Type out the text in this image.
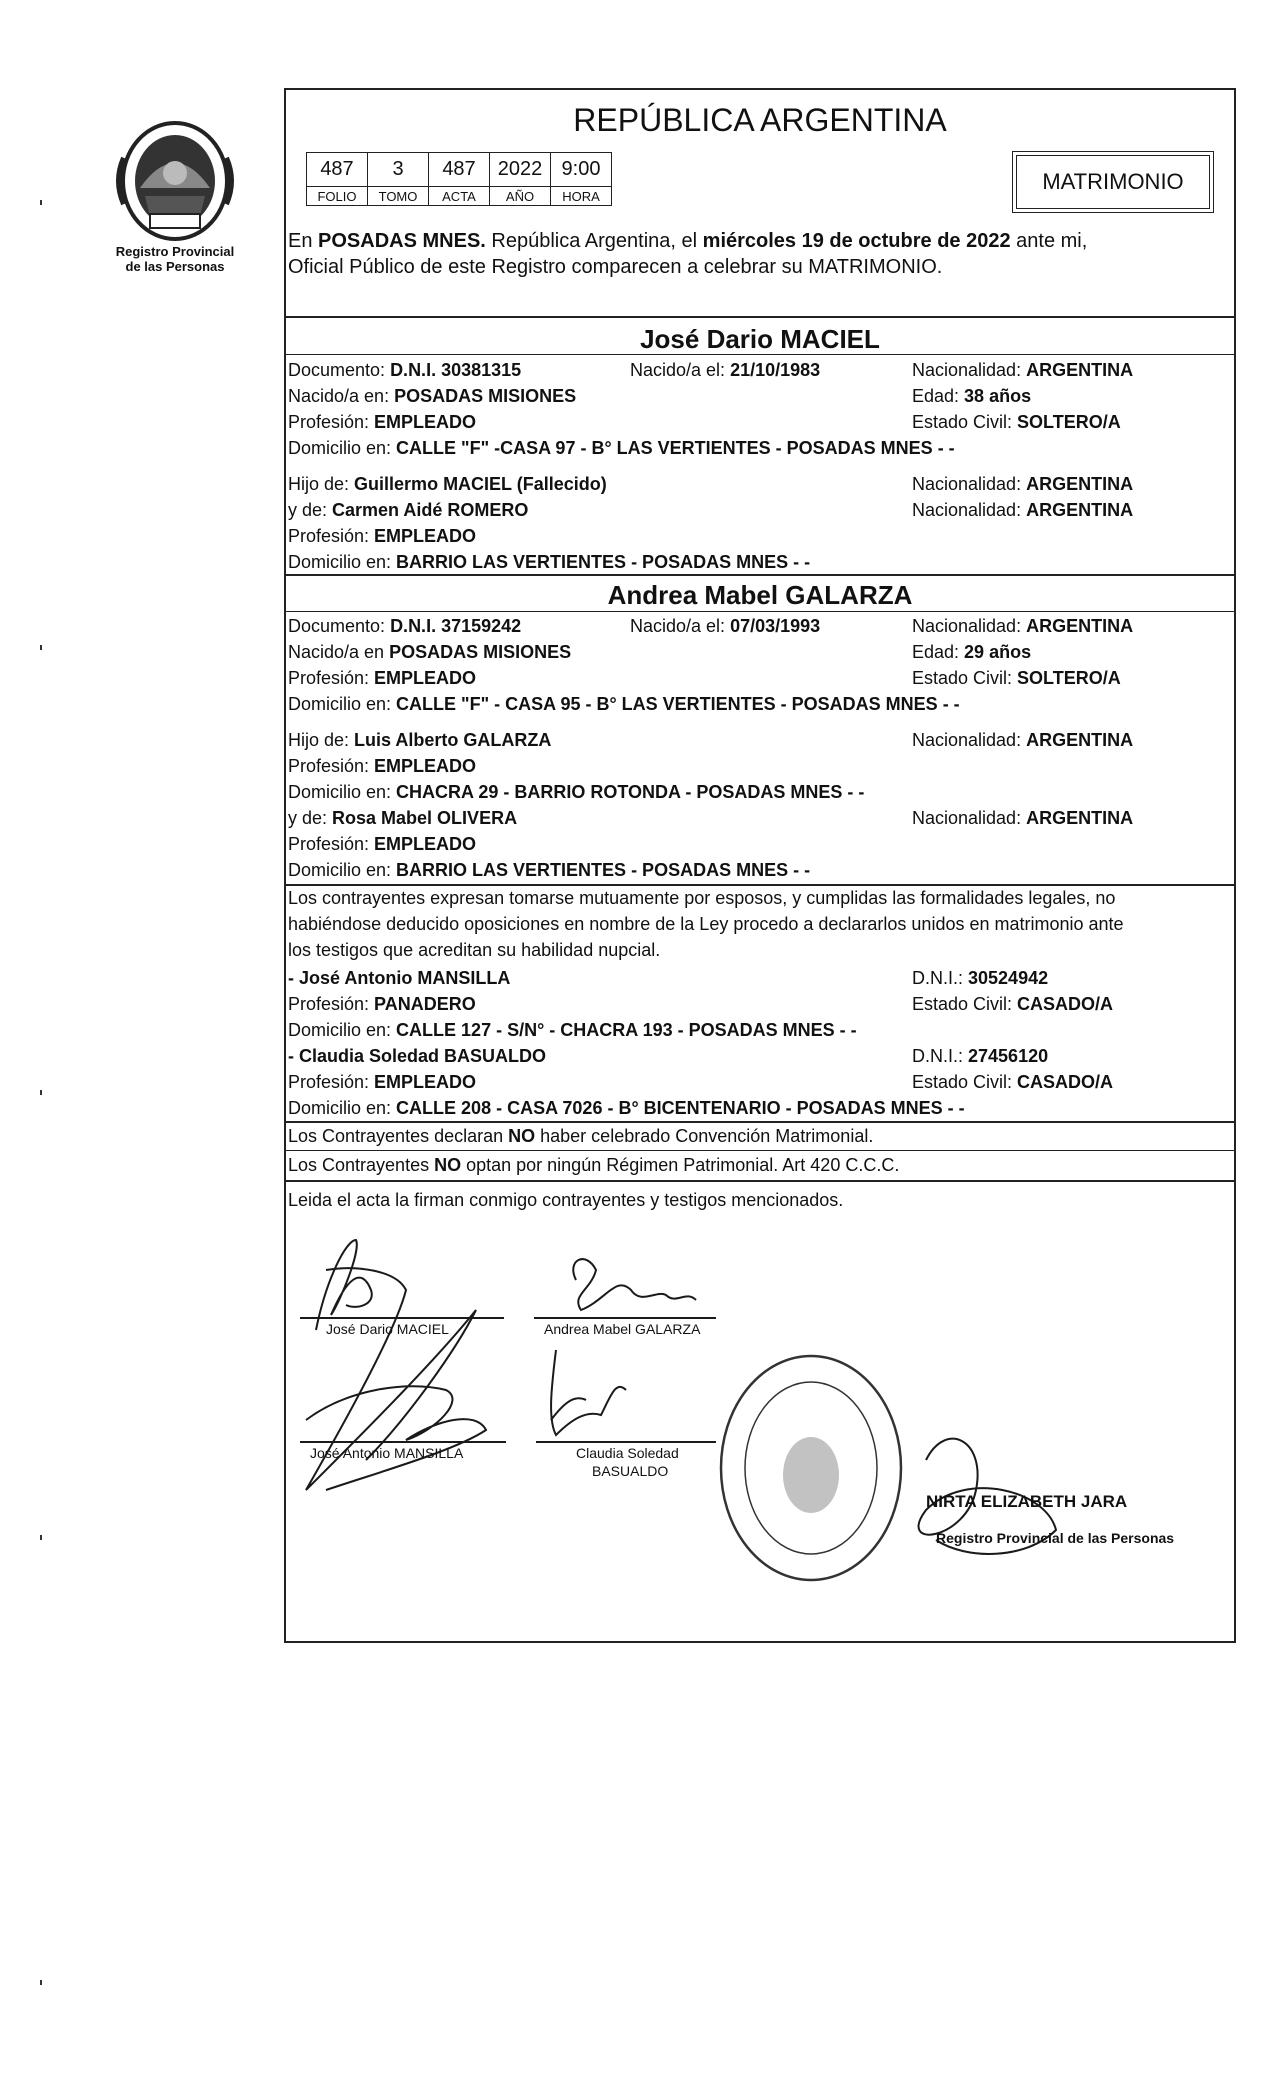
Registro Provincial
de las Personas
REPÚBLICA ARGENTINA
487	3	487	2022	9:00
FOLIO	TOMO	ACTA	AÑO	HORA
MATRIMONIO
En POSADAS MNES. República Argentina, el miércoles 19 de octubre de 2022 ante mi,
Oficial Público de este Registro comparecen a celebrar su MATRIMONIO.
José Dario MACIEL
Documento: D.N.I. 30381315	Nacido/a el: 21/10/1983	Nacionalidad: ARGENTINA
Nacido/a en: POSADAS MISIONES	Edad: 38 años
Profesión: EMPLEADO	Estado Civil: SOLTERO/A
Domicilio en: CALLE "F" -CASA 97 - B° LAS VERTIENTES - POSADAS MNES - -
Hijo de: Guillermo MACIEL (Fallecido)	Nacionalidad: ARGENTINA
y de: Carmen Aidé ROMERO	Nacionalidad: ARGENTINA
Profesión: EMPLEADO
Domicilio en: BARRIO LAS VERTIENTES - POSADAS MNES - -
Andrea Mabel GALARZA
Documento: D.N.I. 37159242	Nacido/a el: 07/03/1993	Nacionalidad: ARGENTINA
Nacido/a en POSADAS MISIONES	Edad: 29 años
Profesión: EMPLEADO	Estado Civil: SOLTERO/A
Domicilio en: CALLE "F" - CASA 95 - B° LAS VERTIENTES - POSADAS MNES - -
Hijo de: Luis Alberto GALARZA	Nacionalidad: ARGENTINA
Profesión: EMPLEADO
Domicilio en: CHACRA 29 - BARRIO ROTONDA - POSADAS MNES - -
y de: Rosa Mabel OLIVERA	Nacionalidad: ARGENTINA
Profesión: EMPLEADO
Domicilio en: BARRIO LAS VERTIENTES - POSADAS MNES - -
Los contrayentes expresan tomarse mutuamente por esposos, y cumplidas las formalidades legales, no
habiéndose deducido oposiciones en nombre de la Ley procedo a declararlos unidos en matrimonio ante
los testigos que acreditan su habilidad nupcial.
- José Antonio MANSILLA	D.N.I.: 30524942
Profesión: PANADERO	Estado Civil: CASADO/A
Domicilio en: CALLE 127 - S/N° - CHACRA 193 - POSADAS MNES - -
- Claudia Soledad BASUALDO	D.N.I.: 27456120
Profesión: EMPLEADO	Estado Civil: CASADO/A
Domicilio en: CALLE 208 - CASA 7026 - B° BICENTENARIO - POSADAS MNES - -
Los Contrayentes declaran NO haber celebrado Convención Matrimonial.
Los Contrayentes NO optan por ningún Régimen Patrimonial. Art 420 C.C.C.
Leida el acta la firman conmigo contrayentes y testigos mencionados.
José Dario MACIEL	Andrea Mabel GALARZA
José Antonio MANSILLA	Claudia Soledad
BASUALDO
NIRTA ELIZABETH JARA
Registro Provincial de las Personas
